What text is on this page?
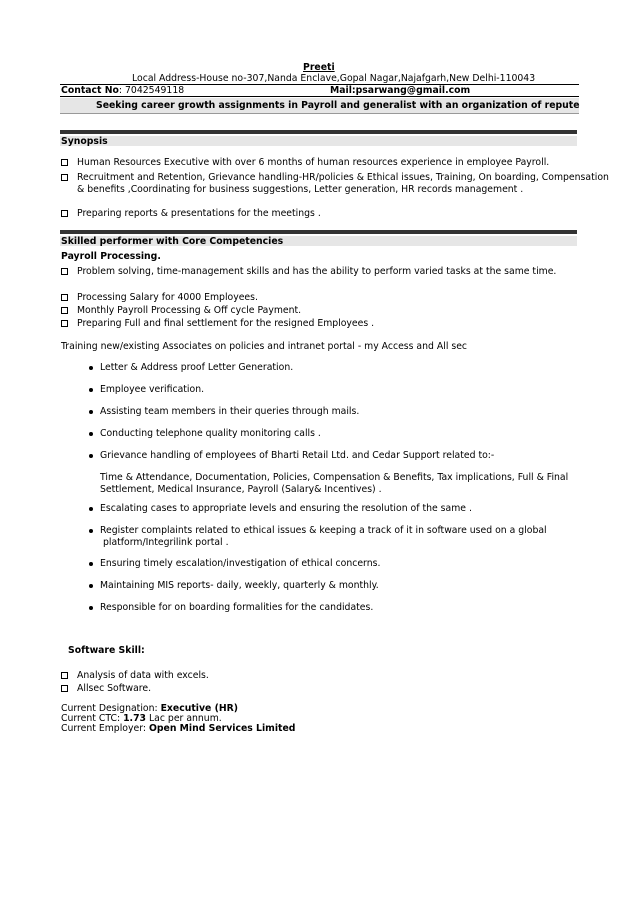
Preeti
Local Address-House no-307,Nanda Enclave,Gopal Nagar,Najafgarh,New Delhi-110043
Contact No: 7042549118	Mail:psarwang@gmail.com
Seeking career growth assignments in Payroll and generalist with an organization of repute
Synopsis
Human Resources Executive with over 6 months of human resources experience in employee Payroll.
Recruitment and Retention, Grievance handling-HR/policies & Ethical issues, Training, On boarding, Compensation
& benefits ,Coordinating for business suggestions, Letter generation, HR records management .
Preparing reports & presentations for the meetings .
Skilled performer with Core Competencies
Payroll Processing.
Problem solving, time-management skills and has the ability to perform varied tasks at the same time.
Processing Salary for 4000 Employees.
Monthly Payroll Processing & Off cycle Payment.
Preparing Full and final settlement for the resigned Employees .
Training new/existing Associates on policies and intranet portal - my Access and All sec
Letter & Address proof Letter Generation.
Employee verification.
Assisting team members in their queries through mails.
Conducting telephone quality monitoring calls .
Grievance handling of employees of Bharti Retail Ltd. and Cedar Support related to:-
Time & Attendance, Documentation, Policies, Compensation & Benefits, Tax implications, Full & Final
Settlement, Medical Insurance, Payroll (Salary& Incentives) .
Escalating cases to appropriate levels and ensuring the resolution of the same .
Register complaints related to ethical issues & keeping a track of it in software used on a global
platform/Integrilink portal .
Ensuring timely escalation/investigation of ethical concerns.
Maintaining MIS reports- daily, weekly, quarterly & monthly.
Responsible for on boarding formalities for the candidates.
Software Skill:
Analysis of data with excels.
Allsec Software.
Current Designation: Executive (HR)
Current CTC: 1.73 Lac per annum.
Current Employer: Open Mind Services Limited
